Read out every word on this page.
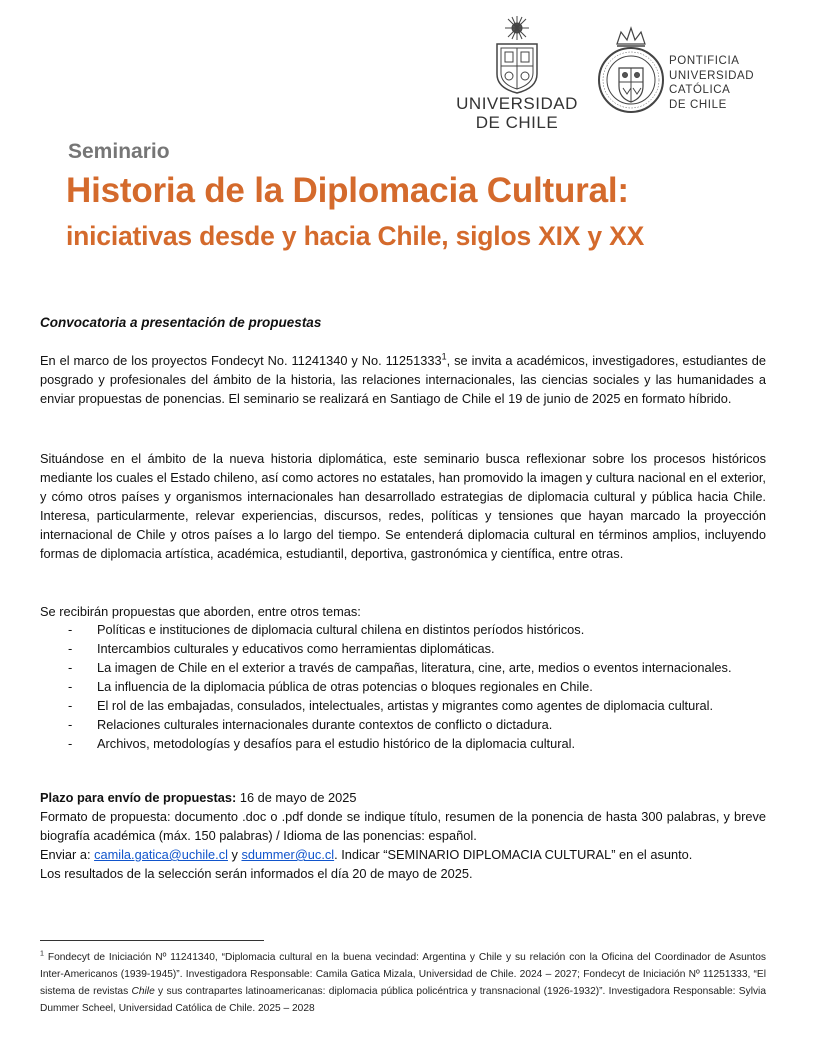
UNIVERSIDAD
DE CHILE
PONTIFICIA
UNIVERSIDAD
CATÓLICA
DE CHILE
Seminario
Historia de la Diplomacia Cultural:
iniciativas desde y hacia Chile, siglos XIX y XX
Convocatoria a presentación de propuestas
En el marco de los proyectos Fondecyt No. 11241340 y No. 11251333$^1$, se invita a académicos, investigadores, estudiantes de posgrado y profesionales del ámbito de la historia, las relaciones internacionales, las ciencias sociales y las humanidades a enviar propuestas de ponencias. El seminario se realizará en Santiago de Chile el 19 de junio de 2025 en formato híbrido.
Situándose en el ámbito de la nueva historia diplomática, este seminario busca reflexionar sobre los procesos históricos mediante los cuales el Estado chileno, así como actores no estatales, han promovido la imagen y cultura nacional en el exterior, y cómo otros países y organismos internacionales han desarrollado estrategias de diplomacia cultural y pública hacia Chile. Interesa, particularmente, relevar experiencias, discursos, redes, políticas y tensiones que hayan marcado la proyección internacional de Chile y otros países a lo largo del tiempo. Se entenderá diplomacia cultural en términos amplios, incluyendo formas de diplomacia artística, académica, estudiantil, deportiva, gastronómica y científica, entre otras.
Se recibirán propuestas que aborden, entre otros temas:
- Políticas e instituciones de diplomacia cultural chilena en distintos períodos históricos.
- Intercambios culturales y educativos como herramientas diplomáticas.
- La imagen de Chile en el exterior a través de campañas, literatura, cine, arte, medios o eventos internacionales.
- La influencia de la diplomacia pública de otras potencias o bloques regionales en Chile.
- El rol de las embajadas, consulados, intelectuales, artistas y migrantes como agentes de diplomacia cultural.
- Relaciones culturales internacionales durante contextos de conflicto o dictadura.
- Archivos, metodologías y desafíos para el estudio histórico de la diplomacia cultural.
Plazo para envío de propuestas: 16 de mayo de 2025
Formato de propuesta: documento .doc o .pdf donde se indique título, resumen de la ponencia de hasta 300 palabras, y breve biografía académica (máx. 150 palabras) / Idioma de las ponencias: español.
Enviar a: camila.gatica@uchile.cl y sdummer@uc.cl. Indicar “SEMINARIO DIPLOMACIA CULTURAL” en el asunto.
Los resultados de la selección serán informados el día 20 de mayo de 2025.
$^1$ Fondecyt de Iniciación Nº 11241340, “Diplomacia cultural en la buena vecindad: Argentina y Chile y su relación con la Oficina del Coordinador de Asuntos Inter-Americanos (1939-1945)”. Investigadora Responsable: Camila Gatica Mizala, Universidad de Chile. 2024 – 2027; Fondecyt de Iniciación Nº 11251333, “El sistema de revistas Chile y sus contrapartes latinoamericanas: diplomacia pública policéntrica y transnacional (1926-1932)”. Investigadora Responsable: Sylvia Dummer Scheel, Universidad Católica de Chile. 2025 – 2028
